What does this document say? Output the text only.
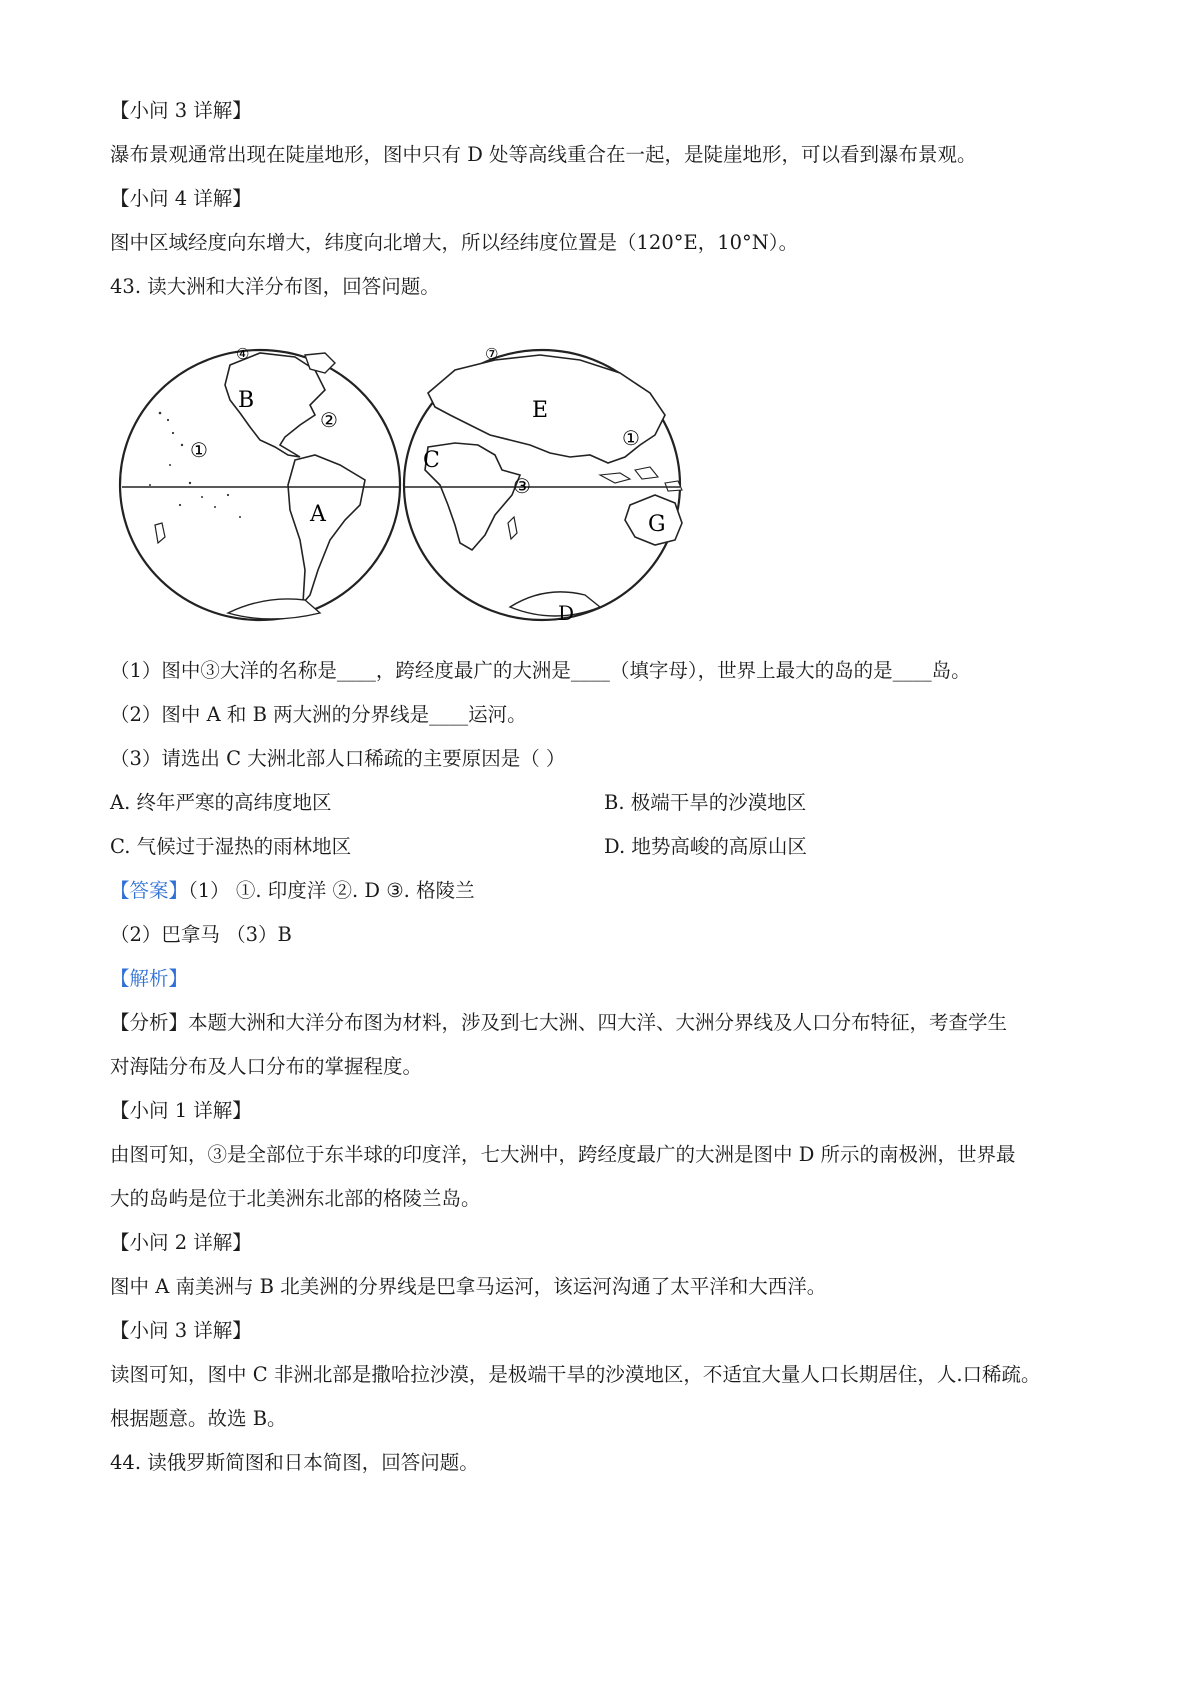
【小问 3 详解】
瀑布景观通常出现在陡崖地形，图中只有 D 处等高线重合在一起，是陡崖地形，可以看到瀑布景观。
【小问 4 详解】
图中区域经度向东增大，纬度向北增大，所以经纬度位置是（120°E，10°N）。
43. 读大洲和大洋分布图，回答问题。
④
B
②
①
A
⑦
E
①
C
③
G
D
（1）图中③大洋的名称是____，跨经度最广的大洲是____（填字母），世界上最大的岛的是____岛。
（2）图中 A 和 B 两大洲的分界线是____运河。
（3）请选出 C 大洲北部人口稀疏的主要原因是（ ）
A. 终年严寒的高纬度地区	B. 极端干旱的沙漠地区
C. 气候过于湿热的雨林地区	D. 地势高峻的高原山区
【答案】（1） ①. 印度洋 ②. D ③. 格陵兰
（2）巴拿马 （3）B
【解析】
【分析】本题大洲和大洋分布图为材料，涉及到七大洲、四大洋、大洲分界线及人口分布特征，考查学生
对海陆分布及人口分布的掌握程度。
【小问 1 详解】
由图可知，③是全部位于东半球的印度洋，七大洲中，跨经度最广的大洲是图中 D 所示的南极洲，世界最
大的岛屿是位于北美洲东北部的格陵兰岛。
【小问 2 详解】
图中 A 南美洲与 B 北美洲的分界线是巴拿马运河，该运河沟通了太平洋和大西洋。
【小问 3 详解】
读图可知，图中 C 非洲北部是撒哈拉沙漠，是极端干旱的沙漠地区，不适宜大量人口长期居住，人.口稀疏。
根据题意。故选 B。
44. 读俄罗斯简图和日本简图，回答问题。
